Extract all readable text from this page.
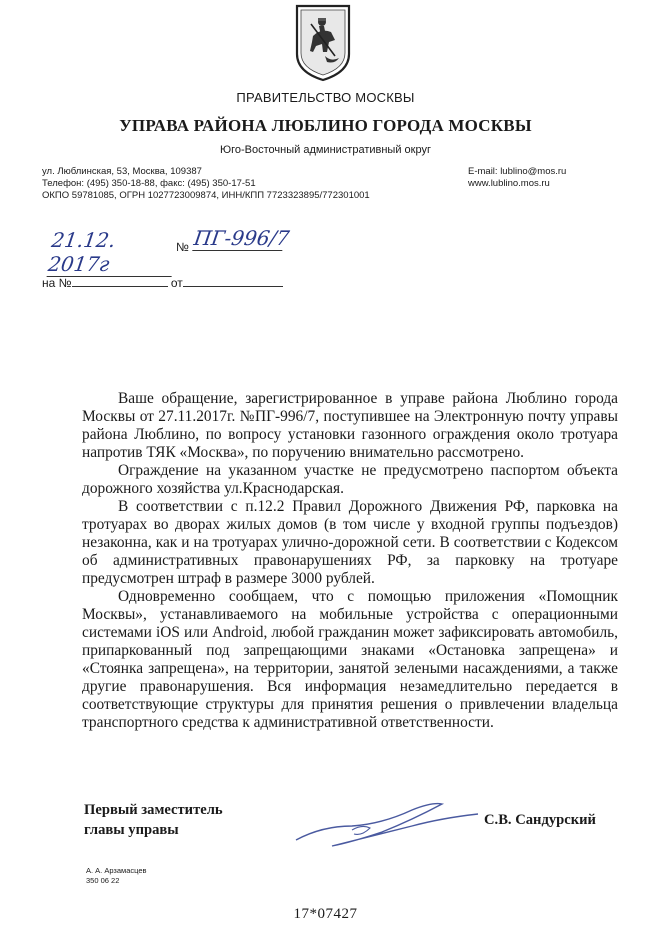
ПРАВИТЕЛЬСТВО МОСКВЫ
УПРАВА РАЙОНА ЛЮБЛИНО ГОРОДА МОСКВЫ
Юго-Восточный административный округ
ул. Люблинская, 53, Москва, 109387
Телефон: (495) 350-18-88, факс: (495) 350-17-51
ОКПО 59781085, ОГРН 1027723009874, ИНН/КПП 7723323895/772301001
E-mail: lublino@mos.ru
www.lublino.mos.ru
21.12. 2017г
№ ПГ-996/7
на №	от

Ваше обращение, зарегистрированное в управе района Люблино города Москвы от 27.11.2017г. №ПГ-996/7, поступившее на Электронную почту управы района Люблино, по вопросу установки газонного ограждения около тротуара напротив ТЯК «Москва», по поручению внимательно рассмотрено.

Ограждение на указанном участке не предусмотрено паспортом объекта дорожного хозяйства ул.Краснодарская.

В соответствии с п.12.2 Правил Дорожного Движения РФ, парковка на тротуарах во дворах жилых домов (в том числе у входной группы подъездов) незаконна, как и на тротуарах улично-дорожной сети. В соответствии с Кодексом об административных правонарушениях РФ, за парковку на тротуаре предусмотрен штраф в размере 3000 рублей.

Одновременно сообщаем, что с помощью приложения «Помощник Москвы», устанавливаемого на мобильные устройства с операционными системами iOS или Android, любой гражданин может зафиксировать автомобиль, припаркованный под запрещающими знаками «Остановка запрещена» и «Стоянка запрещена», на территории, занятой зелеными насаждениями, а также другие правонарушения. Вся информация незамедлительно передается в соответствующие структуры для принятия решения о привлечении владельца транспортного средства к административной ответственности.

Первый заместитель
главы управы
С.В. Сандурский
А. А. Арзамасцев
350 06 22
17*07427
